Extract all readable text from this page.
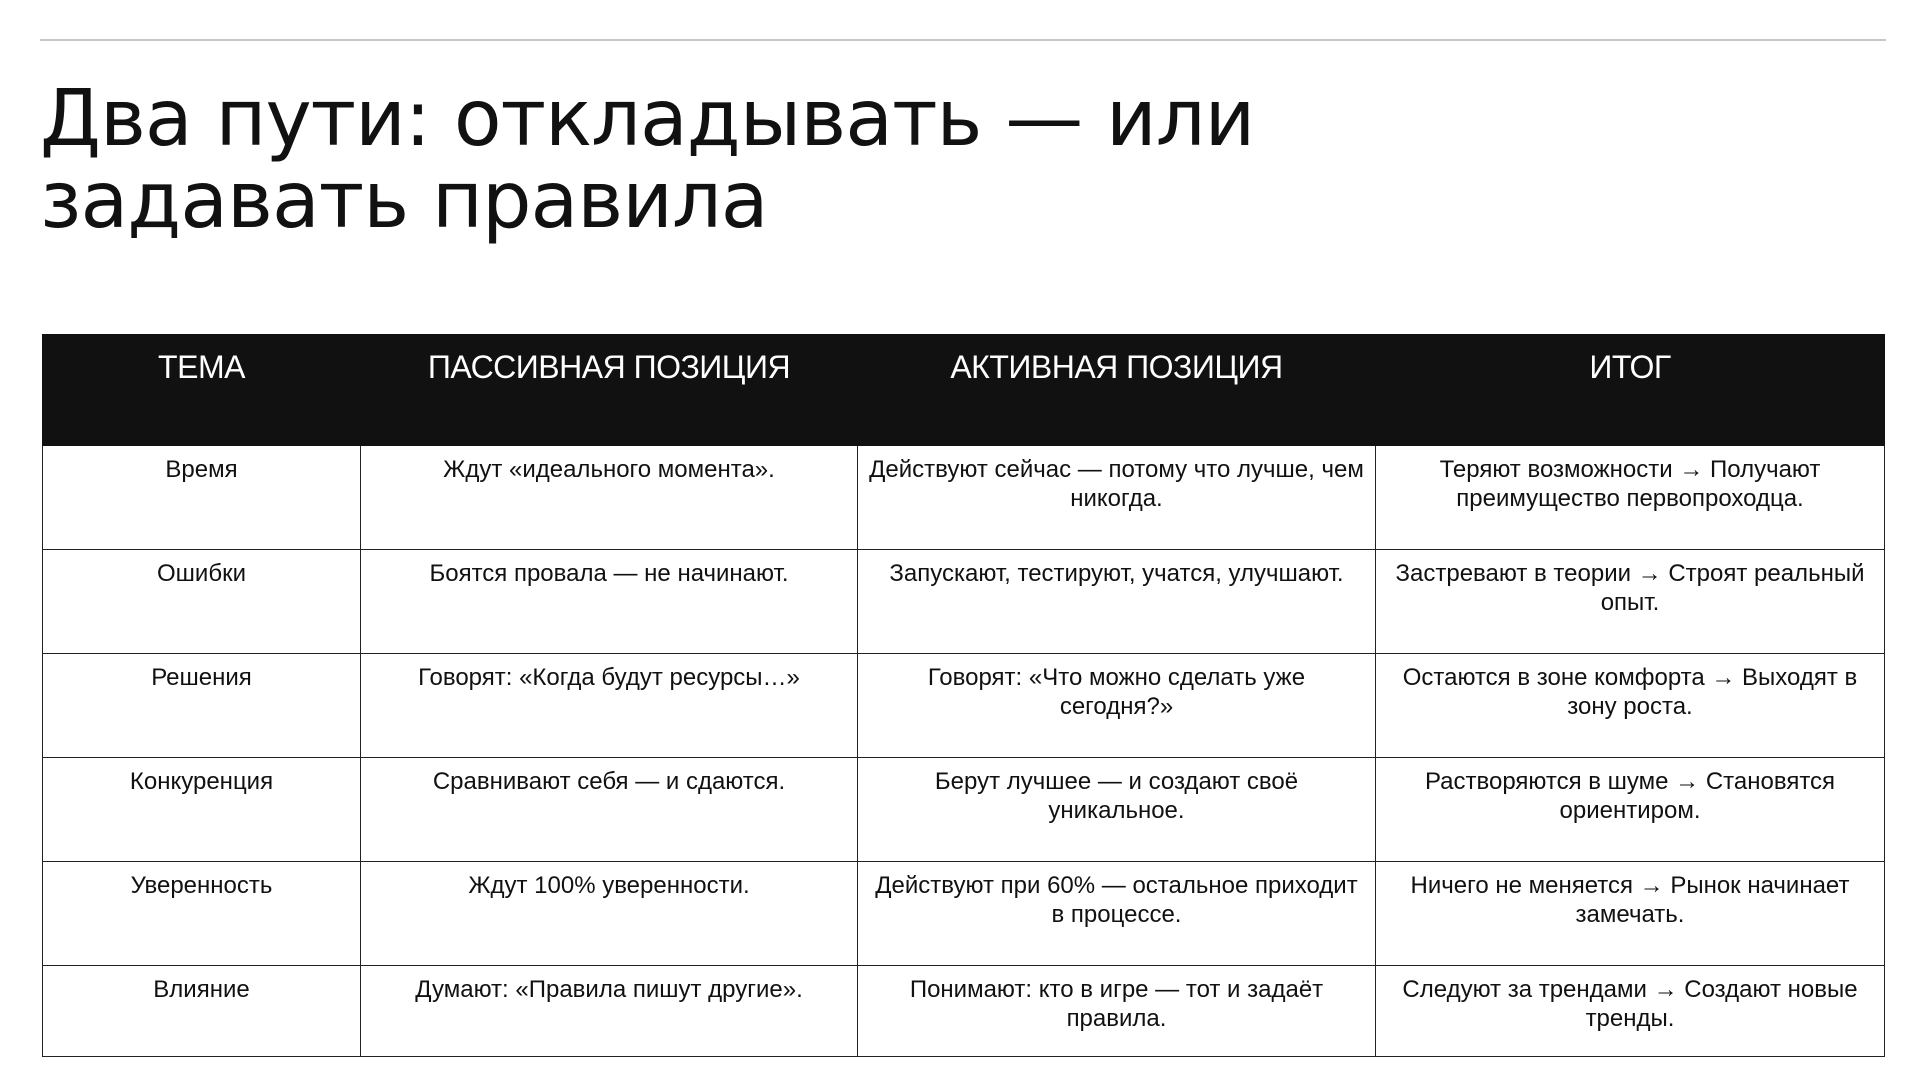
Два пути: откладывать — или
задавать правила
ТЕМА	ПАССИВНАЯ ПОЗИЦИЯ	АКТИВНАЯ ПОЗИЦИЯ	ИТОГ
Время	Ждут «идеального момента».	Действуют сейчас — потому что лучше, чем никогда.	Теряют возможности → Получают преимущество первопроходца.
Ошибки	Боятся провала — не начинают.	Запускают, тестируют, учатся, улучшают.	Застревают в теории → Строят реальный опыт.
Решения	Говорят: «Когда будут ресурсы…»	Говорят: «Что можно сделать уже сегодня?»	Остаются в зоне комфорта → Выходят в зону роста.
Конкуренция	Сравнивают себя — и сдаются.	Берут лучшее — и создают своё уникальное.	Растворяются в шуме → Становятся ориентиром.
Уверенность	Ждут 100% уверенности.	Действуют при 60% — остальное приходит в процессе.	Ничего не меняется → Рынок начинает замечать.
Влияние	Думают: «Правила пишут другие».	Понимают: кто в игре — тот и задаёт правила.	Следуют за трендами → Создают новые тренды.
